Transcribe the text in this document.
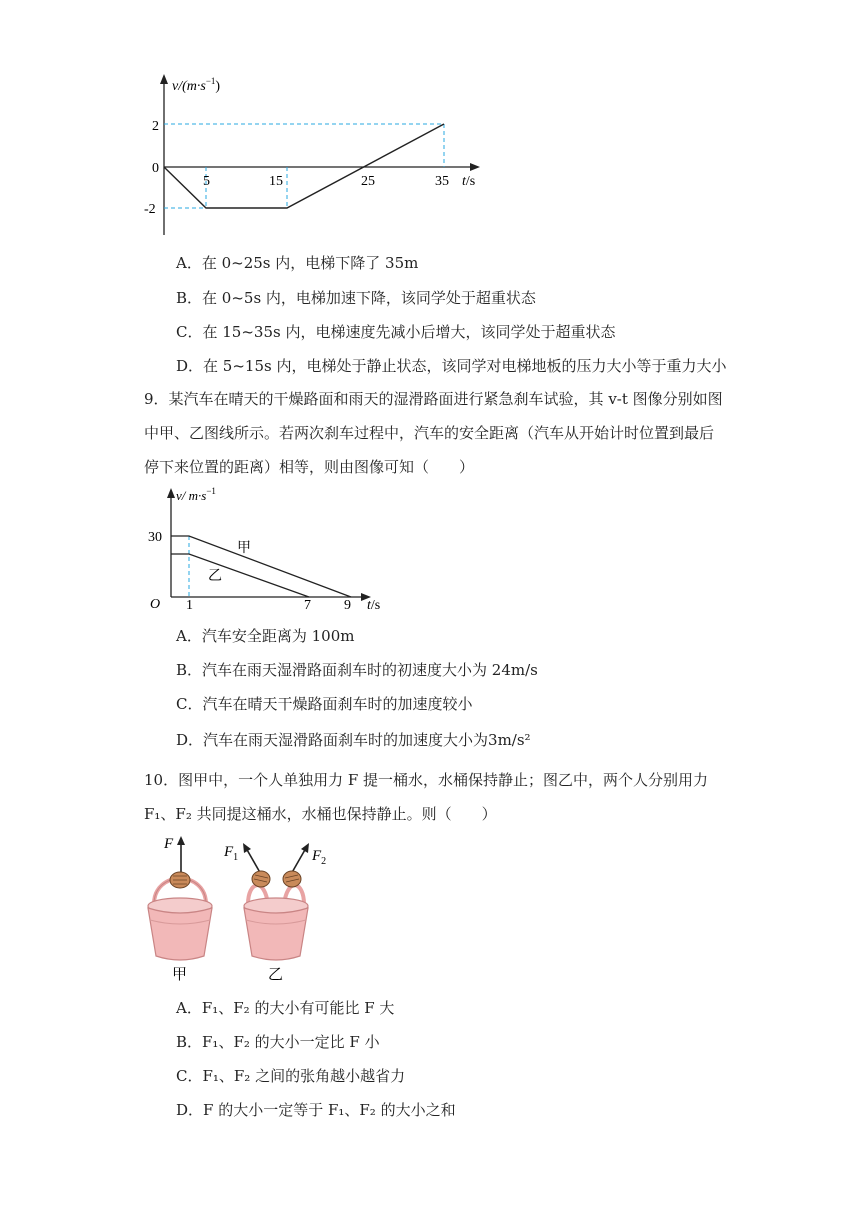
$v/(m\cdot s^{-1})$
2
0
-2
5	15	25	35 t/s
A．在 0~25s 内，电梯下降了 35m
B．在 0~5s 内，电梯加速下降，该同学处于超重状态
C．在 15~35s 内，电梯速度先减小后增大，该同学处于超重状态
D．在 5~15s 内，电梯处于静止状态，该同学对电梯地板的压力大小等于重力大小
9．某汽车在晴天的干燥路面和雨天的湿滑路面进行紧急刹车试验，其 v-t 图像分别如图
中甲、乙图线所示。若两次刹车过程中，汽车的安全距离（汽车从开始计时位置到最后
停下来位置的距离）相等，则由图像可知（　　）
v/ $m\cdot s^{-1}$
30
O 1	7 9 t/s
甲
乙
A．汽车安全距离为 100m
B．汽车在雨天湿滑路面刹车时的初速度大小为 24m/s
C．汽车在晴天干燥路面刹车时的加速度较小
D．汽车在雨天湿滑路面刹车时的加速度大小为3m/s²
10．图甲中，一个人单独用力 F 提一桶水，水桶保持静止；图乙中，两个人分别用力
F₁、F₂ 共同提这桶水，水桶也保持静止。则（　　）
F
甲
$F_1$	$F_2$
乙
A．F₁、F₂ 的大小有可能比 F 大
B．F₁、F₂ 的大小一定比 F 小
C．F₁、F₂ 之间的张角越小越省力
D．F 的大小一定等于 F₁、F₂ 的大小之和
